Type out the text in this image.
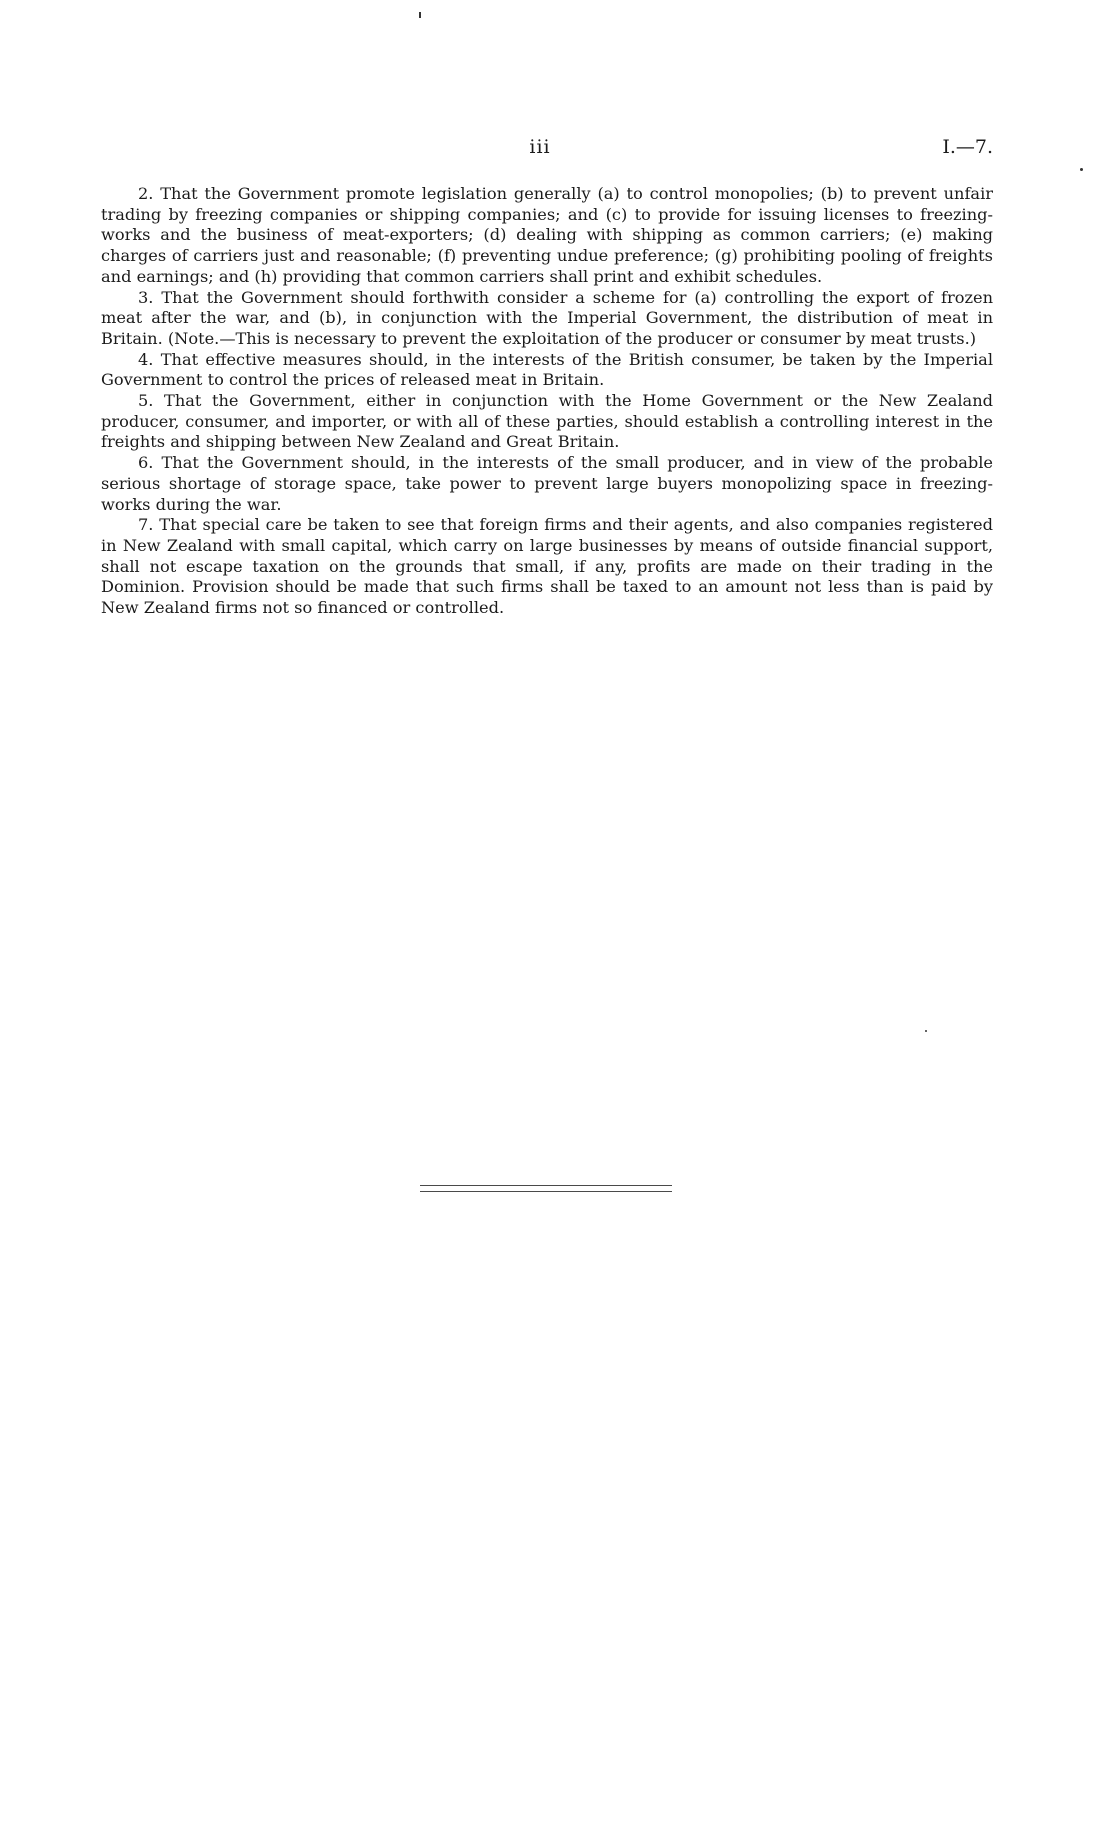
iii	I.—7.

2. That the Government promote legislation generally (a) to control monopolies; (b) to prevent unfair trading by freezing companies or shipping companies; and (c) to provide for issuing licenses to freezing-works and the business of meat-exporters; (d) dealing with shipping as common carriers; (e) making charges of carriers just and reasonable; (f) preventing undue preference; (g) prohibiting pooling of freights and earnings; and (h) providing that common carriers shall print and exhibit schedules.

3. That the Government should forthwith consider a scheme for (a) controlling the export of frozen meat after the war, and (b), in conjunction with the Imperial Government, the distribution of meat in Britain. (Note.—This is necessary to prevent the exploitation of the producer or consumer by meat trusts.)

4. That effective measures should, in the interests of the British consumer, be taken by the Imperial Government to control the prices of released meat in Britain.

5. That the Government, either in conjunction with the Home Government or the New Zealand producer, consumer, and importer, or with all of these parties, should establish a controlling interest in the freights and shipping between New Zealand and Great Britain.

6. That the Government should, in the interests of the small producer, and in view of the probable serious shortage of storage space, take power to prevent large buyers monopolizing space in freezing-works during the war.

7. That special care be taken to see that foreign firms and their agents, and also companies registered in New Zealand with small capital, which carry on large businesses by means of outside financial support, shall not escape taxation on the grounds that small, if any, profits are made on their trading in the Dominion. Provision should be made that such firms shall be taxed to an amount not less than is paid by New Zealand firms not so financed or controlled.
